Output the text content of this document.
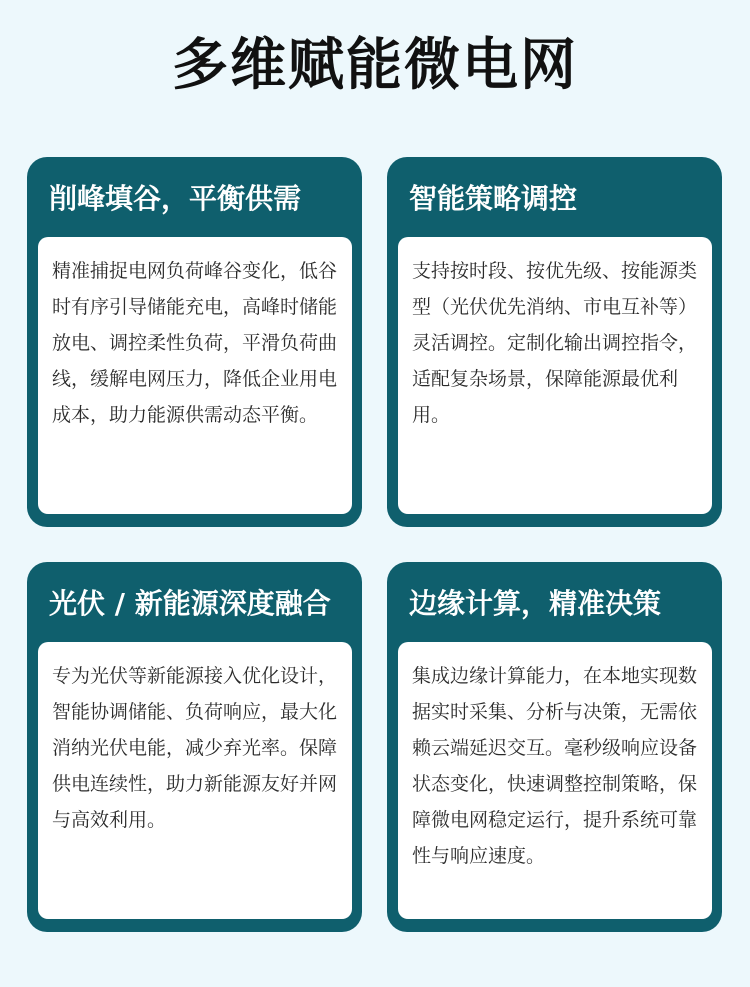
多维赋能微电网
削峰填谷，平衡供需
精准捕捉电网负荷峰谷变化，低谷时有序引导储能充电，高峰时储能放电、调控柔性负荷，平滑负荷曲线，缓解电网压力，降低企业用电成本，助力能源供需动态平衡。
智能策略调控
支持按时段、按优先级、按能源类型（光伏优先消纳、市电互补等）灵活调控。定制化输出调控指令，适配复杂场景，保障能源最优利用。
光伏 / 新能源深度融合
专为光伏等新能源接入优化设计，智能协调储能、负荷响应，最大化消纳光伏电能，减少弃光率。保障供电连续性，助力新能源友好并网与高效利用。
边缘计算，精准决策
集成边缘计算能力，在本地实现数据实时采集、分析与决策，无需依赖云端延迟交互。毫秒级响应设备状态变化，快速调整控制策略，保障微电网稳定运行，提升系统可靠性与响应速度。
